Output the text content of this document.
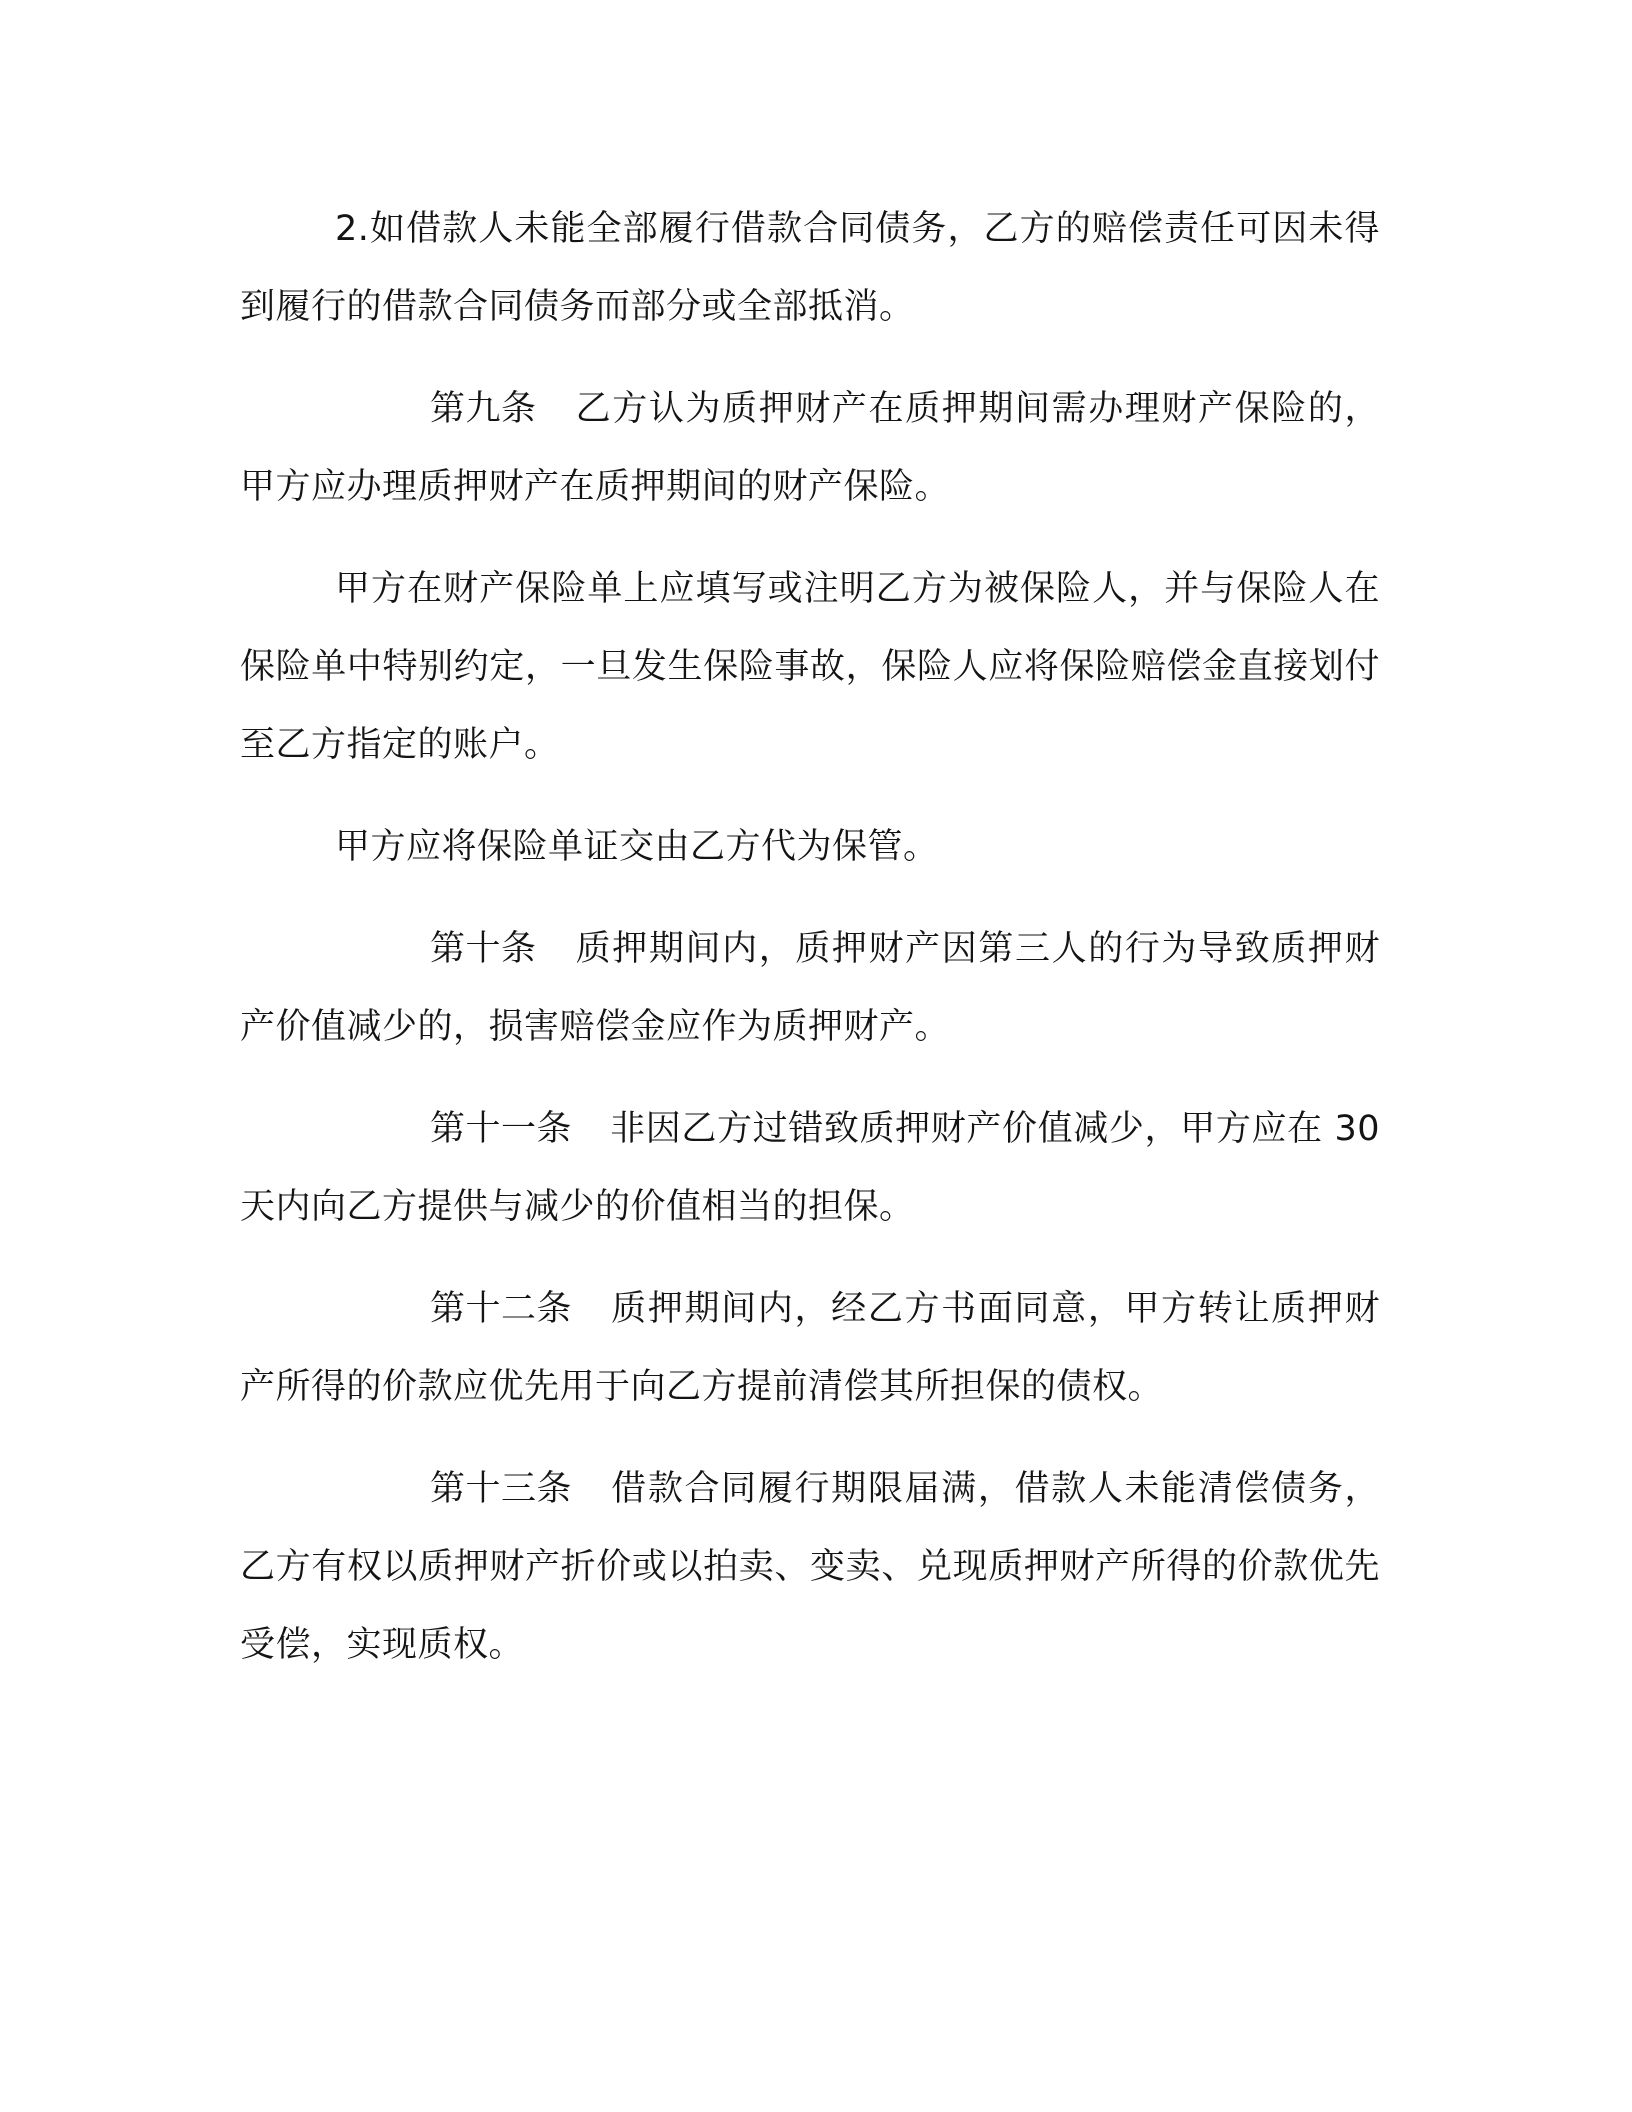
2.如借款人未能全部履行借款合同债务，乙方的赔偿责任可因未得到履行的借款合同债务而部分或全部抵消。

第九条 乙方认为质押财产在质押期间需办理财产保险的，甲方应办理质押财产在质押期间的财产保险。

甲方在财产保险单上应填写或注明乙方为被保险人，并与保险人在保险单中特别约定，一旦发生保险事故，保险人应将保险赔偿金直接划付至乙方指定的账户。

甲方应将保险单证交由乙方代为保管。

第十条 质押期间内，质押财产因第三人的行为导致质押财产价值减少的，损害赔偿金应作为质押财产。

第十一条 非因乙方过错致质押财产价值减少，甲方应在 30 天内向乙方提供与减少的价值相当的担保。

第十二条 质押期间内，经乙方书面同意，甲方转让质押财产所得的价款应优先用于向乙方提前清偿其所担保的债权。

第十三条 借款合同履行期限届满，借款人未能清偿债务，乙方有权以质押财产折价或以拍卖、变卖、兑现质押财产所得的价款优先受偿，实现质权。
